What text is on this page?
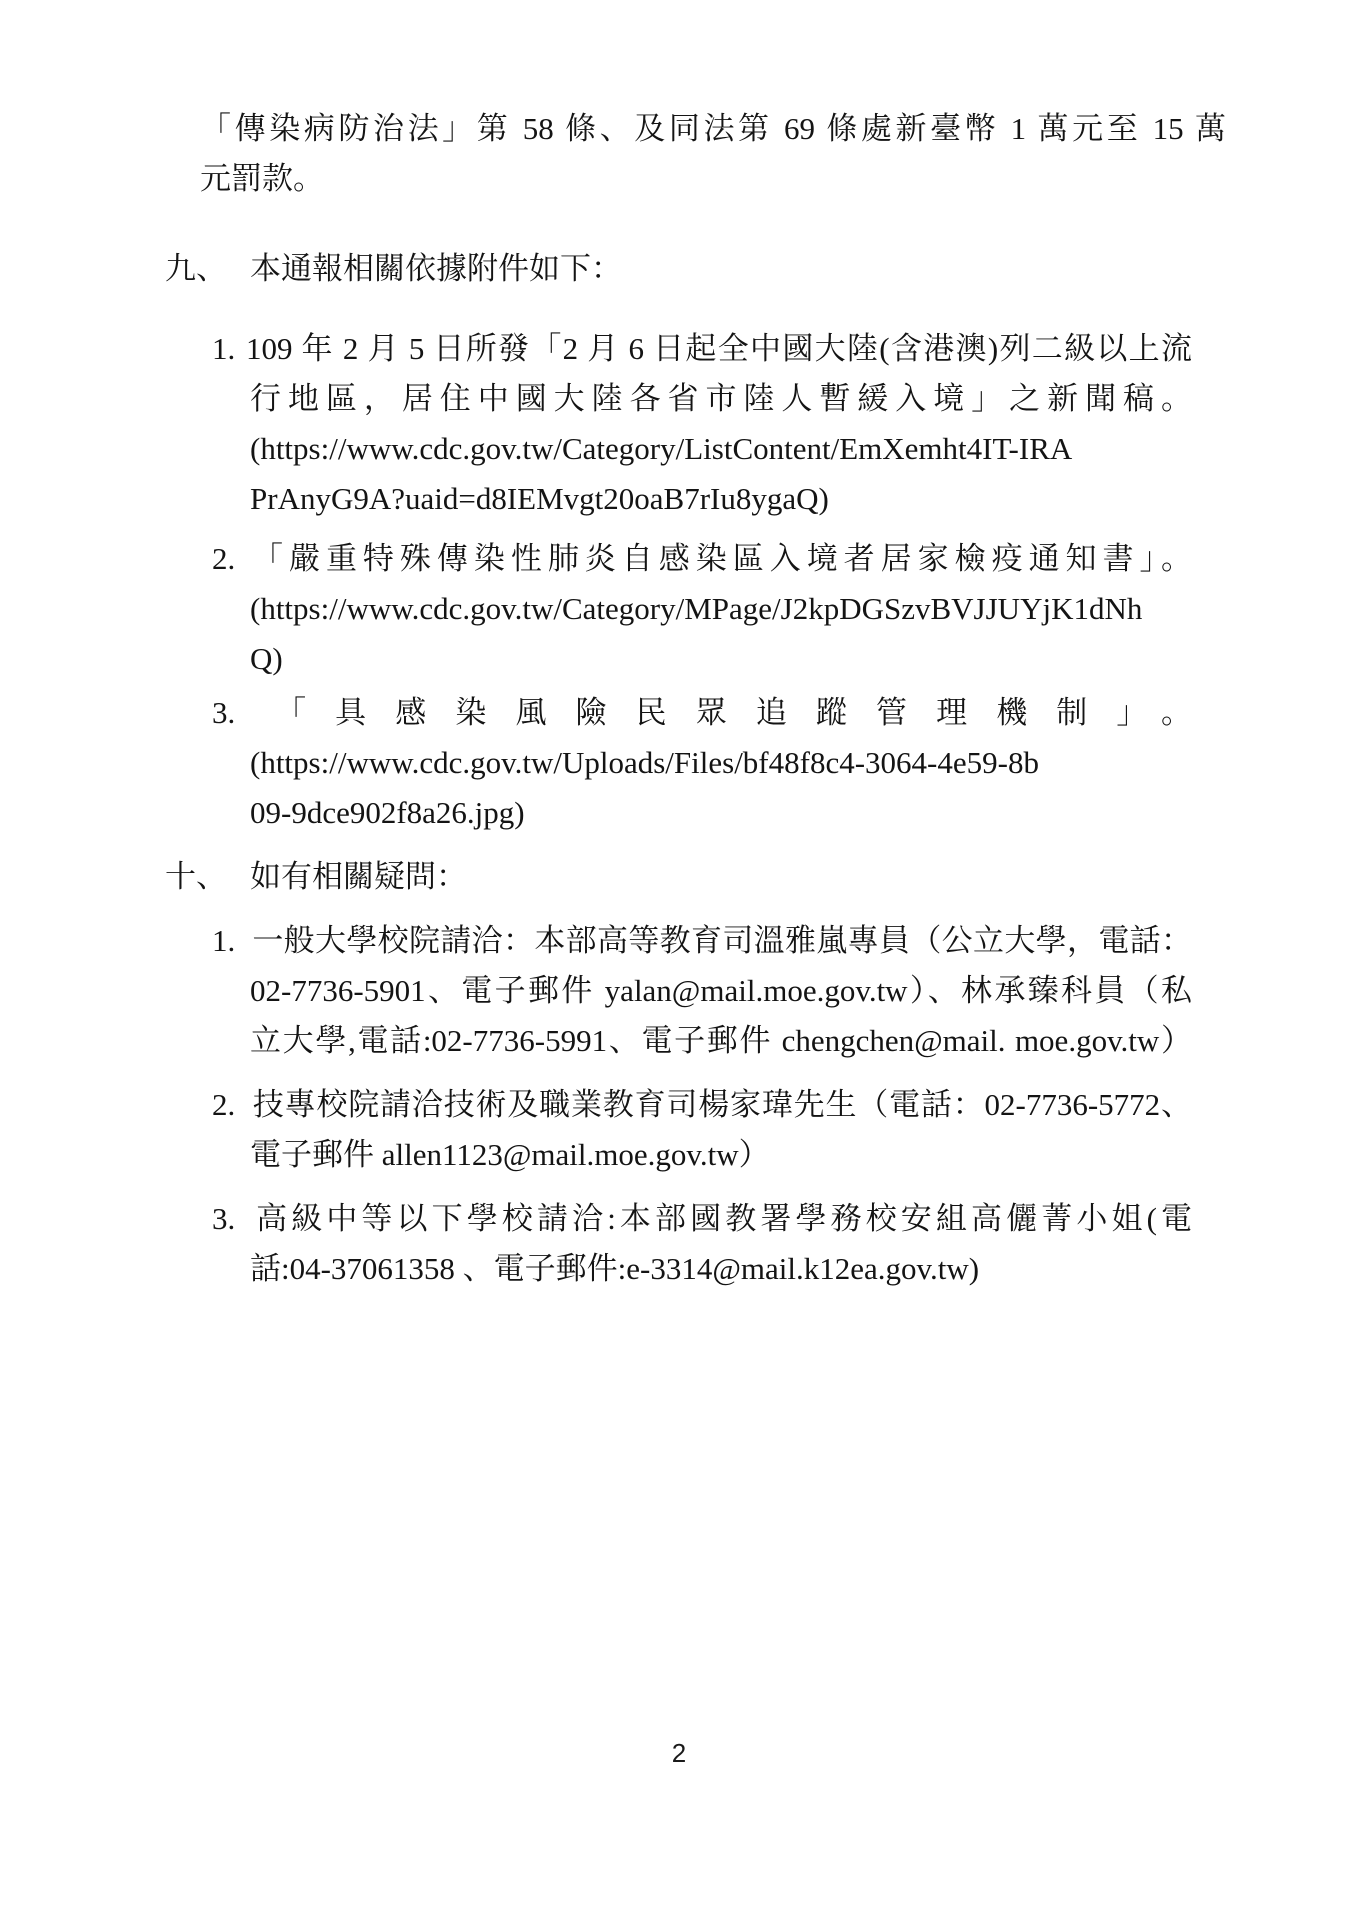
「傳染病防治法」第 58 條、及同法第 69 條處新臺幣 1 萬元至 15 萬
元罰款。
九、 本通報相關依據附件如下：
1. 109 年 2 月 5 日所發「2 月 6 日起全中國大陸(含港澳)列二級以上流
行地區，居住中國大陸各省市陸人暫緩入境」之新聞稿。
(https://www.cdc.gov.tw/Category/ListContent/EmXemht4IT-IRA
PrAnyG9A?uaid=d8IEMvgt20oaB7rIu8ygaQ)
2. 「嚴重特殊傳染性肺炎自感染區入境者居家檢疫通知書」。
(https://www.cdc.gov.tw/Category/MPage/J2kpDGSzvBVJJUYjK1dNh
Q)
3. 「具感染風險民眾追蹤管理機制」。
(https://www.cdc.gov.tw/Uploads/Files/bf48f8c4-3064-4e59-8b
09-9dce902f8a26.jpg)
十、 如有相關疑問：
1. 一般大學校院請洽：本部高等教育司溫雅嵐專員（公立大學，電話：
02-7736-5901、電子郵件 yalan@mail.moe.gov.tw）、林承臻科員（私
立大學,電話:02-7736-5991、電子郵件 chengchen@mail. moe.gov.tw）
2. 技專校院請洽技術及職業教育司楊家瑋先生（電話：02-7736-5772、
電子郵件 allen1123@mail.moe.gov.tw）
3. 高級中等以下學校請洽:本部國教署學務校安組高儷菁小姐(電
話:04-37061358 、電子郵件:e-3314@mail.k12ea.gov.tw)
2
